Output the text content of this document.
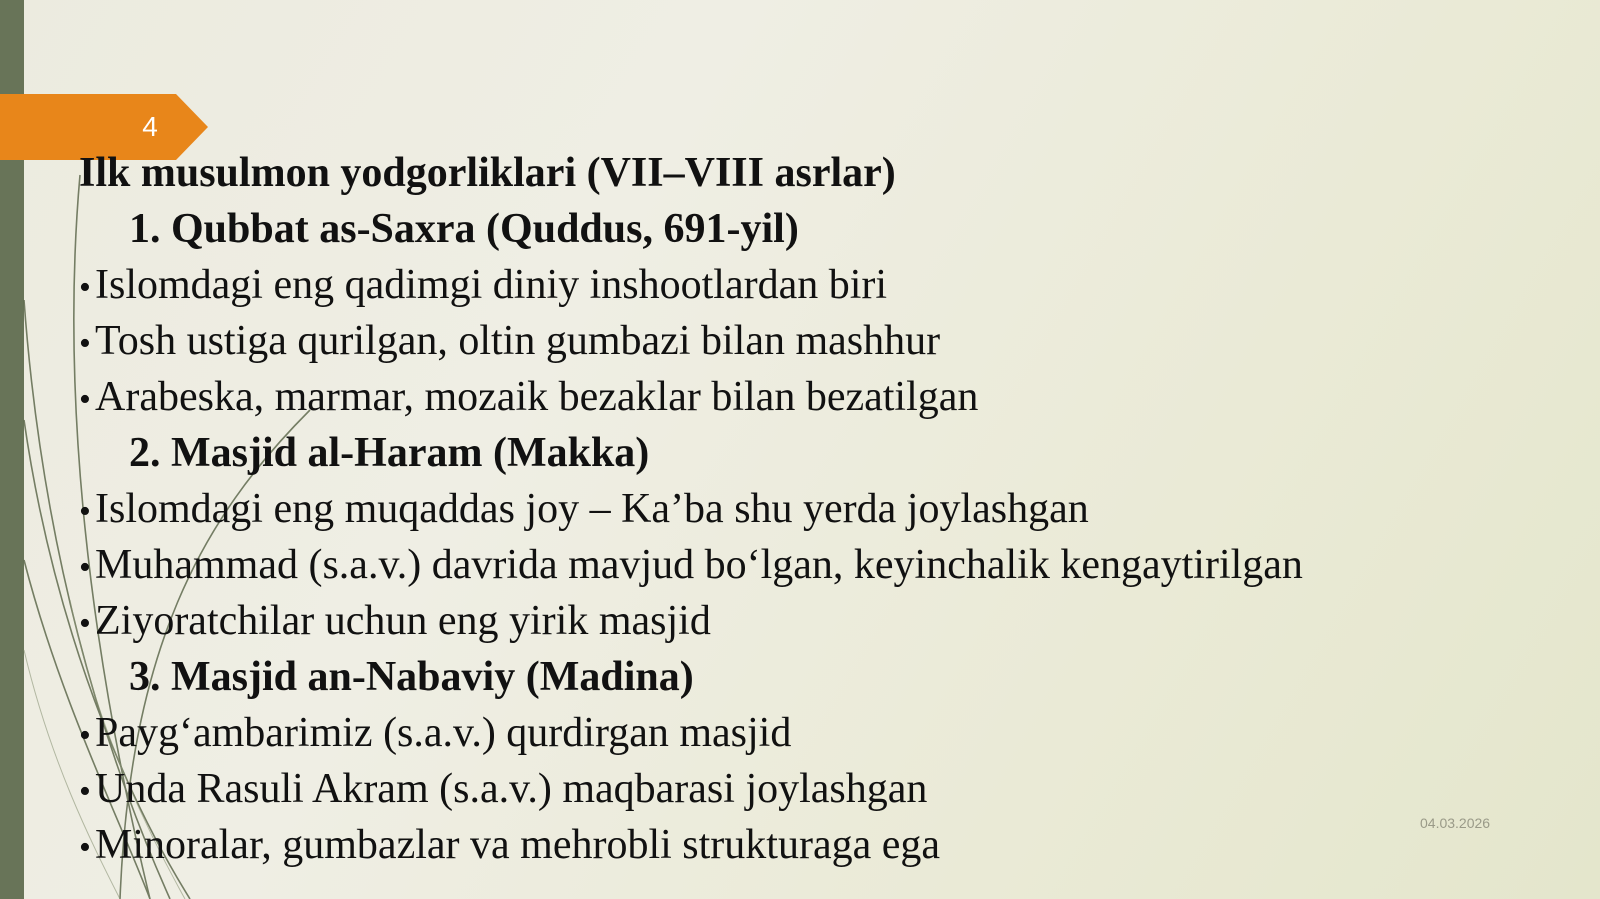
4
Ilk musulmon yodgorliklari (VII–VIII asrlar)
1. Qubbat as-Saxra (Quddus, 691-yil)
•Islomdagi eng qadimgi diniy inshootlardan biri
•Tosh ustiga qurilgan, oltin gumbazi bilan mashhur
•Arabeska, marmar, mozaik bezaklar bilan bezatilgan
2. Masjid al-Haram (Makka)
•Islomdagi eng muqaddas joy – Ka’ba shu yerda joylashgan
•Muhammad (s.a.v.) davrida mavjud bo‘lgan, keyinchalik kengaytirilgan
•Ziyoratchilar uchun eng yirik masjid
3. Masjid an-Nabaviy (Madina)
•Payg‘ambarimiz (s.a.v.) qurdirgan masjid
•Unda Rasuli Akram (s.a.v.) maqbarasi joylashgan
•Minoralar, gumbazlar va mehrobli strukturaga ega	04.03.2026
